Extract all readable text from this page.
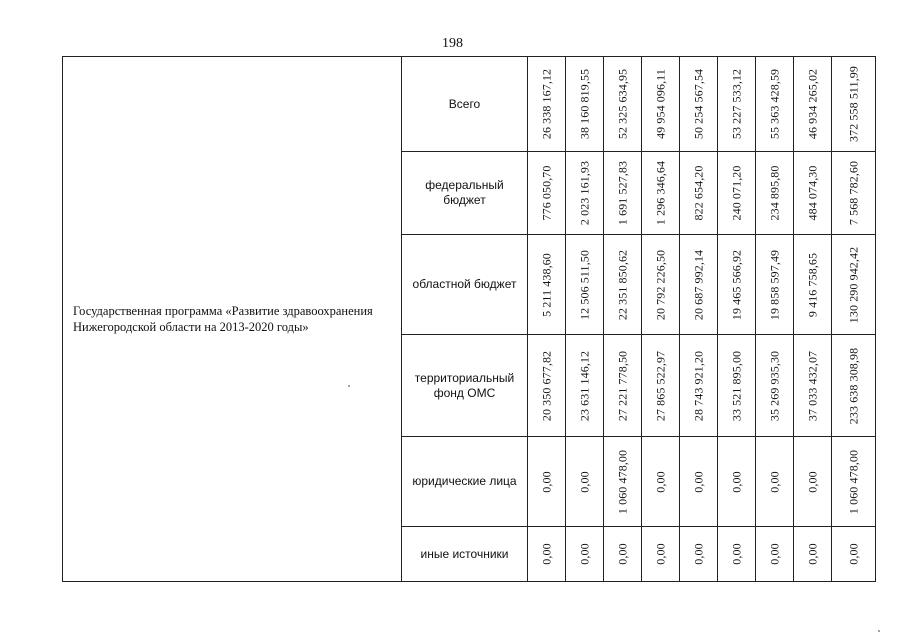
198
Государственная программа «Развитие здравоохранения Нижегородской области на 2013-2020 годы»	Всего	26 338 167,12	38 160 819,55	52 325 634,95	49 954 096,11	50 254 567,54	53 227 533,12	55 363 428,59	46 934 265,02	372 558 511,99

	федеральный бюджет	776 050,70	2 023 161,93	1 691 527,83	1 296 346,64	822 654,20	240 071,20	234 895,80	484 074,30	7 568 782,60

	областной бюджет	5 211 438,60	12 506 511,50	22 351 850,62	20 792 226,50	20 687 992,14	19 465 566,92	19 858 597,49	9 416 758,65	130 290 942,42

	территориальный фонд ОМС	20 350 677,82	23 631 146,12	27 221 778,50	27 865 522,97	28 743 921,20	33 521 895,00	35 269 935,30	37 033 432,07	233 638 308,98

	юридические лица	0,00	0,00	1 060 478,00	0,00	0,00	0,00	0,00	0,00	1 060 478,00

	иные источники	0,00	0,00	0,00	0,00	0,00	0,00	0,00	0,00	0,00
